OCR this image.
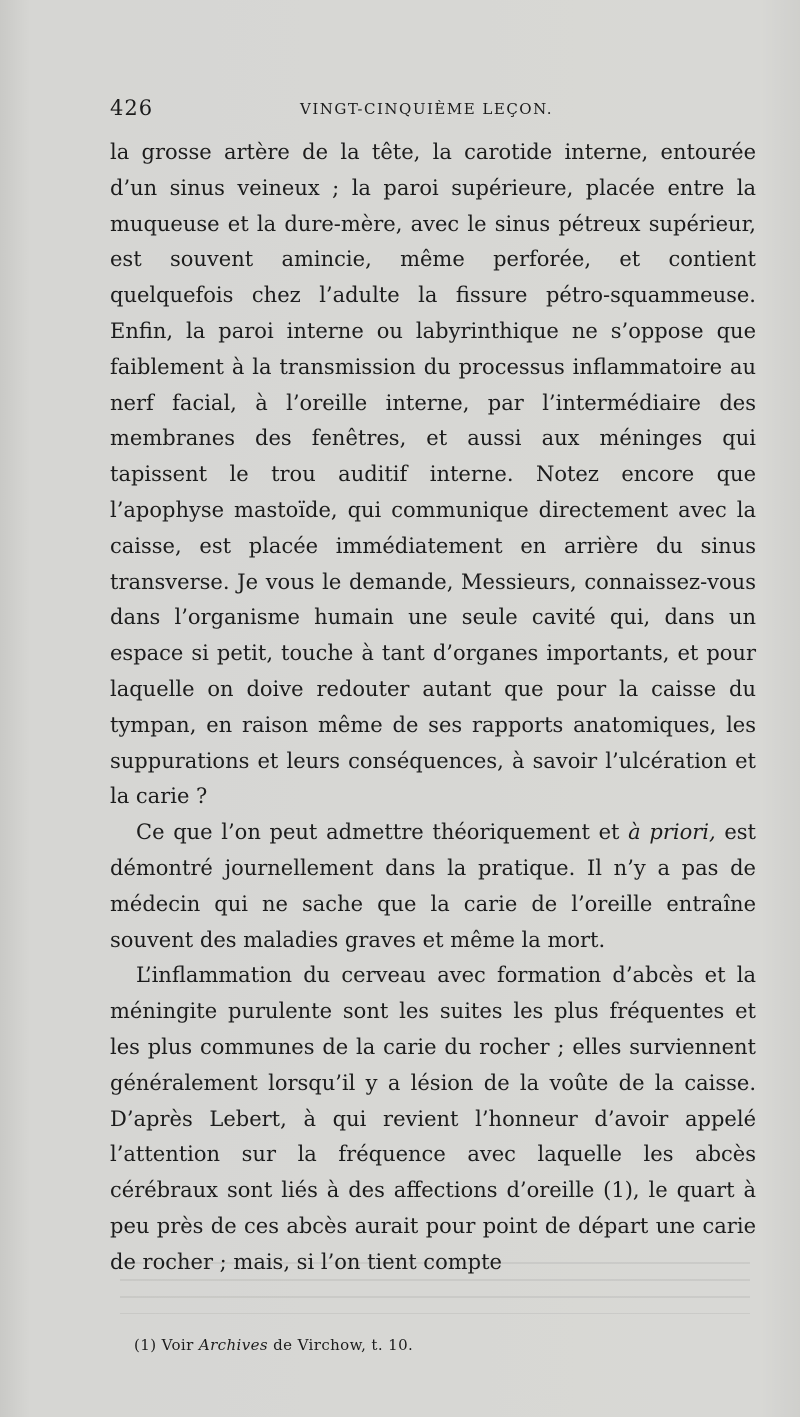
426	VINGT-CINQUIÈME LEÇON.

la grosse artère de la tête, la carotide interne, entourée d’un sinus veineux ; la paroi supérieure, placée entre la muqueuse et la dure-mère, avec le sinus pétreux supérieur, est souvent amincie, même perforée, et contient quelquefois chez l’adulte la fissure pétro-squammeuse. Enfin, la paroi interne ou labyrinthique ne s’oppose que faiblement à la transmission du processus inflammatoire au nerf facial, à l’oreille interne, par l’intermédiaire des membranes des fenêtres, et aussi aux méninges qui tapissent le trou auditif interne. Notez encore que l’apophyse mastoïde, qui communique directement avec la caisse, est placée immédiatement en arrière du sinus transverse. Je vous le demande, Messieurs, connaissez-vous dans l’organisme humain une seule cavité qui, dans un espace si petit, touche à tant d’organes importants, et pour laquelle on doive redouter autant que pour la caisse du tympan, en raison même de ses rapports anatomiques, les suppurations et leurs conséquences, à savoir l’ulcération et la carie ?

Ce que l’on peut admettre théoriquement et à priori, est démontré journellement dans la pratique. Il n’y a pas de médecin qui ne sache que la carie de l’oreille entraîne souvent des maladies graves et même la mort.

L’inflammation du cerveau avec formation d’abcès et la méningite purulente sont les suites les plus fréquentes et les plus communes de la carie du rocher ; elles surviennent généralement lorsqu’il y a lésion de la voûte de la caisse. D’après Lebert, à qui revient l’honneur d’avoir appelé l’attention sur la fréquence avec laquelle les abcès cérébraux sont liés à des affections d’oreille (1), le quart à peu près de ces abcès aurait pour point de départ une carie de rocher ; mais, si l’on tient compte

(1) Voir Archives de Virchow, t. 10.
